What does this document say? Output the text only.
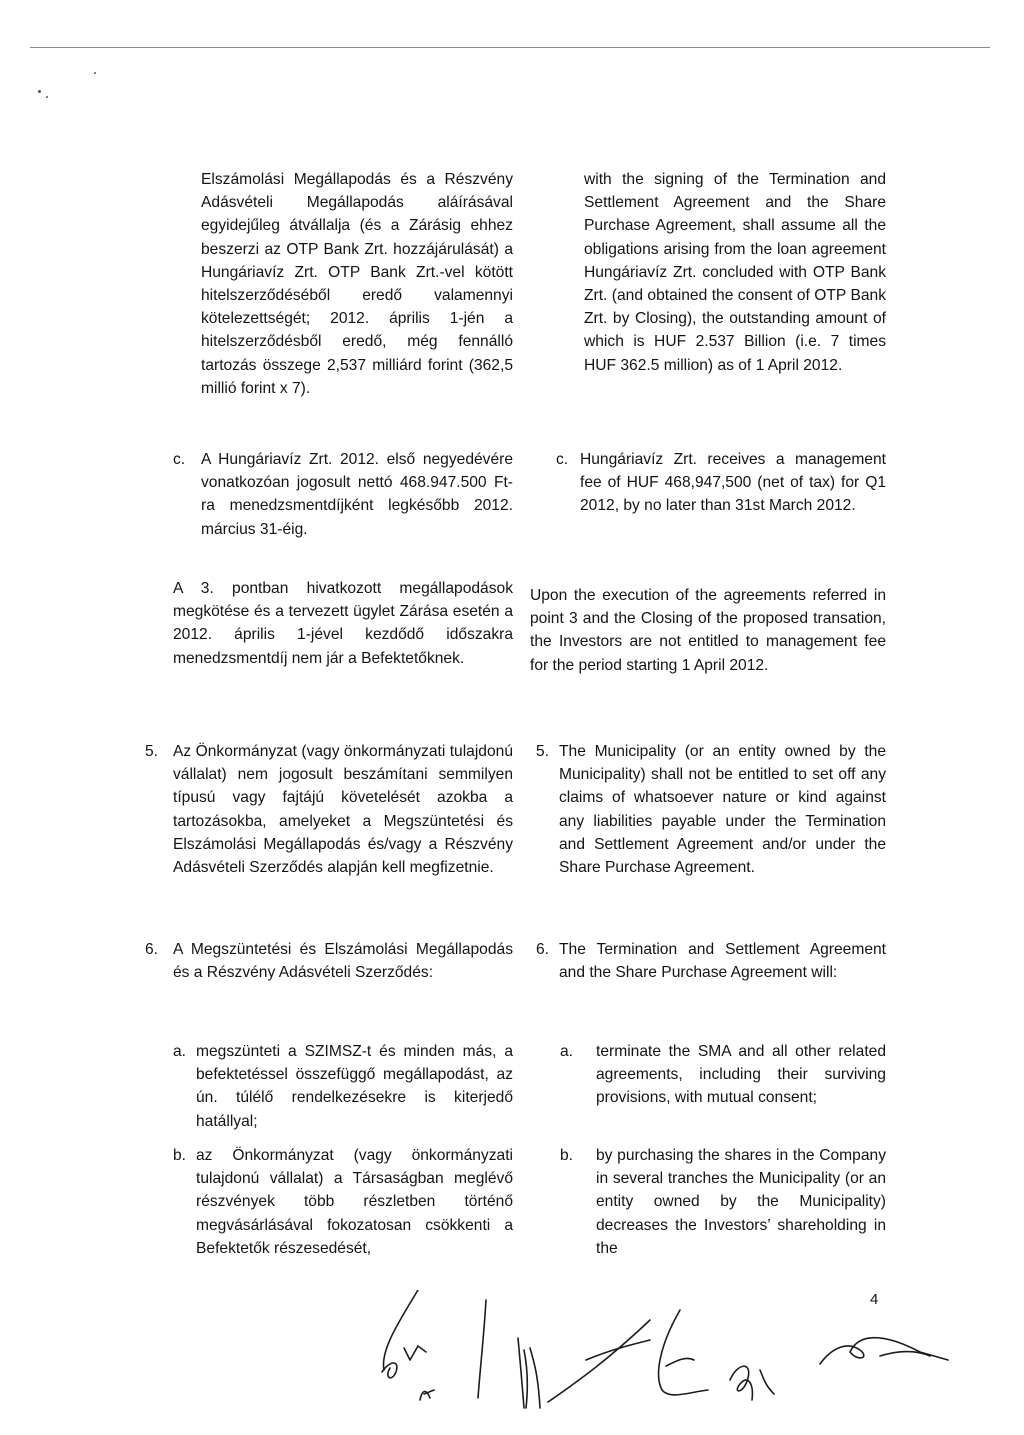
Elszámolási Megállapodás és a Részvény Adásvételi Megállapodás aláírásával egyidejűleg átvállalja (és a Zárásig ehhez beszerzi az OTP Bank Zrt. hozzájárulását) a Hungáriavíz Zrt. OTP Bank Zrt.-vel kötött hitelszerződéséből eredő valamennyi kötelezettségét; 2012. április 1-jén a hitelszerződésből eredő, még fennálló tartozás összege 2,537 milliárd forint (362,5 millió forint x 7).

c. A Hungáriavíz Zrt. 2012. első negyedévére vonatkozóan jogosult nettó 468.947.500 Ft-ra menedzsmentdíjként legkésőbb 2012. március 31-éig.

A 3. pontban hivatkozott megállapodások megkötése és a tervezett ügylet Zárása esetén a 2012. április 1-jével kezdődő időszakra menedzsmentdíj nem jár a Befektetőknek.

5. Az Önkormányzat (vagy önkormányzati tulajdonú vállalat) nem jogosult beszámítani semmilyen típusú vagy fajtájú követelését azokba a tartozásokba, amelyeket a Megszüntetési és Elszámolási Megállapodás és/vagy a Részvény Adásvételi Szerződés alapján kell megfizetnie.

6. A Megszüntetési és Elszámolási Megállapodás és a Részvény Adásvételi Szerződés:

a. megszünteti a SZIMSZ-t és minden más, a befektetéssel összefüggő megállapodást, az ún. túlélő rendelkezésekre is kiterjedő hatállyal;

b. az Önkormányzat (vagy önkormányzati tulajdonú vállalat) a Társaságban meglévő részvények több részletben történő megvásárlásával fokozatosan csökkenti a Befektetők részesedését,

with the signing of the Termination and Settlement Agreement and the Share Purchase Agreement, shall assume all the obligations arising from the loan agreement Hungáriavíz Zrt. concluded with OTP Bank Zrt. (and obtained the consent of OTP Bank Zrt. by Closing), the outstanding amount of which is HUF 2.537 Billion (i.e. 7 times HUF 362.5 million) as of 1 April 2012.

c. Hungáriavíz Zrt. receives a management fee of HUF 468,947,500 (net of tax) for Q1 2012, by no later than 31st March 2012.

Upon the execution of the agreements referred in point 3 and the Closing of the proposed transation, the Investors are not entitled to management fee for the period starting 1 April 2012.

5. The Municipality (or an entity owned by the Municipality) shall not be entitled to set off any claims of whatsoever nature or kind against any liabilities payable under the Termination and Settlement Agreement and/or under the Share Purchase Agreement.

6. The Termination and Settlement Agreement and the Share Purchase Agreement will:

a. terminate the SMA and all other related agreements, including their surviving provisions, with mutual consent;

b. by purchasing the shares in the Company in several tranches the Municipality (or an entity owned by the Municipality) decreases the Investors’ shareholding in the

4
